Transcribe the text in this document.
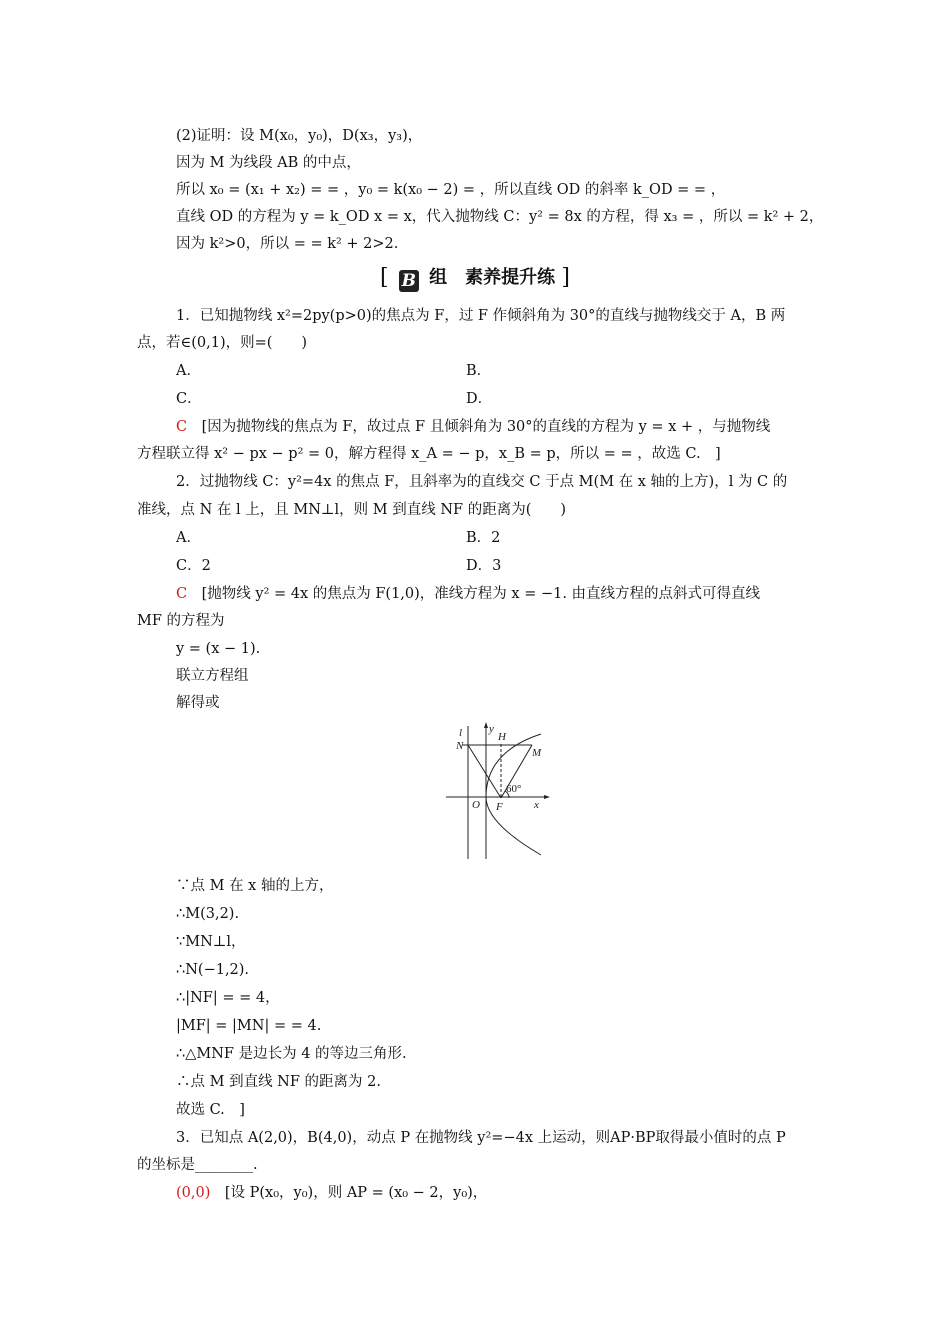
(2)证明：设 M(x₀，y₀)，D(x₃，y₃)，
因为 M 为线段 AB 的中点，
所以 x₀ = (x₁ + x₂) = = ，y₀ = k(x₀ − 2) = ，所以直线 OD 的斜率 k_OD = = ，
直线 OD 的方程为 y = k_OD x = x，代入抛物线 C：y² = 8x 的方程，得 x₃ = ，所以 = k² + 2，
因为 k²>0，所以 = = k² + 2>2.
[ B 组　素养提升练 ]
1．已知抛物线 x²=2py(p>0)的焦点为 F，过 F 作倾斜角为 30°的直线与抛物线交于 A，B 两
点，若∈(0,1)，则=(　　)
A．	B．
C．	D．
C　[因为抛物线的焦点为 F，故过点 F 且倾斜角为 30°的直线的方程为 y = x + ，与抛物线
方程联立得 x² − px − p² = 0，解方程得 x_A = − p，x_B = p，所以 = = ，故选 C.　]
2．过抛物线 C：y²=4x 的焦点 F，且斜率为的直线交 C 于点 M(M 在 x 轴的上方)，l 为 C 的
准线，点 N 在 l 上，且 MN⊥l，则 M 到直线 NF 的距离为(　　)
A．	B．2
C．2	D．3
C　[抛物线 y² = 4x 的焦点为 F(1,0)，准线方程为 x = −1. 由直线方程的点斜式可得直线
MF 的方程为
y = (x − 1).
联立方程组
解得或
l y
H
N
M
O F	x
60°
∵点 M 在 x 轴的上方，
∴M(3,2).
∵MN⊥l，
∴N(−1,2).
∴|NF| = = 4，
|MF| = |MN| = = 4.
∴△MNF 是边长为 4 的等边三角形.
∴点 M 到直线 NF 的距离为 2.
故选 C.　]
3．已知点 A(2,0)，B(4,0)，动点 P 在抛物线 y²=−4x 上运动，则AP·BP取得最小值时的点 P
的坐标是________.
(0,0)　[设 P(x₀，y₀)，则 AP = (x₀ − 2，y₀)，
